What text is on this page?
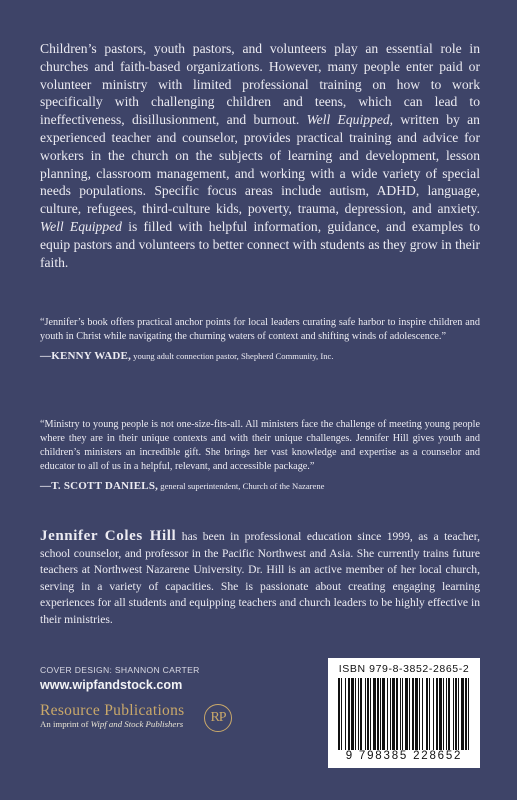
Children’s pastors, youth pastors, and volunteers play an essential role in churches and faith-based organizations. However, many people enter paid or volunteer ministry with limited professional training on how to work specifically with challenging children and teens, which can lead to ineffectiveness, disillusionment, and burnout. Well Equipped, written by an experienced teacher and counselor, provides practical training and advice for workers in the church on the subjects of learning and development, lesson planning, classroom management, and working with a wide variety of special needs populations. Specific focus areas include autism, ADHD, language, culture, refugees, third-culture kids, poverty, trauma, depression, and anxiety. Well Equipped is filled with helpful information, guidance, and examples to equip pastors and volunteers to better connect with students as they grow in their faith.

“Jennifer’s book offers practical anchor points for local leaders curating safe harbor to inspire children and youth in Christ while navigating the churning waters of context and shifting winds of adolescence.”
—KENNY WADE, young adult connection pastor, Shepherd Community, Inc.

“Ministry to young people is not one-size-fits-all. All ministers face the challenge of meeting young people where they are in their unique contexts and with their unique challenges. Jennifer Hill gives youth and children’s ministers an incredible gift. She brings her vast knowledge and expertise as a counselor and educator to all of us in a helpful, relevant, and accessible package.”
—T. SCOTT DANIELS, general superintendent, Church of the Nazarene

Jennifer Coles Hill has been in professional education since 1999, as a teacher, school counselor, and professor in the Pacific Northwest and Asia. She currently trains future teachers at Northwest Nazarene University. Dr. Hill is an active member of her local church, serving in a variety of capacities. She is passionate about creating engaging learning experiences for all students and equipping teachers and church leaders to be highly effective in their ministries.

COVER DESIGN: SHANNON CARTER
www.wipfandstock.com
Resource Publications
An imprint of Wipf and Stock Publishers	RP
ISBN 979-8-3852-2865-2
9 798385 228652
